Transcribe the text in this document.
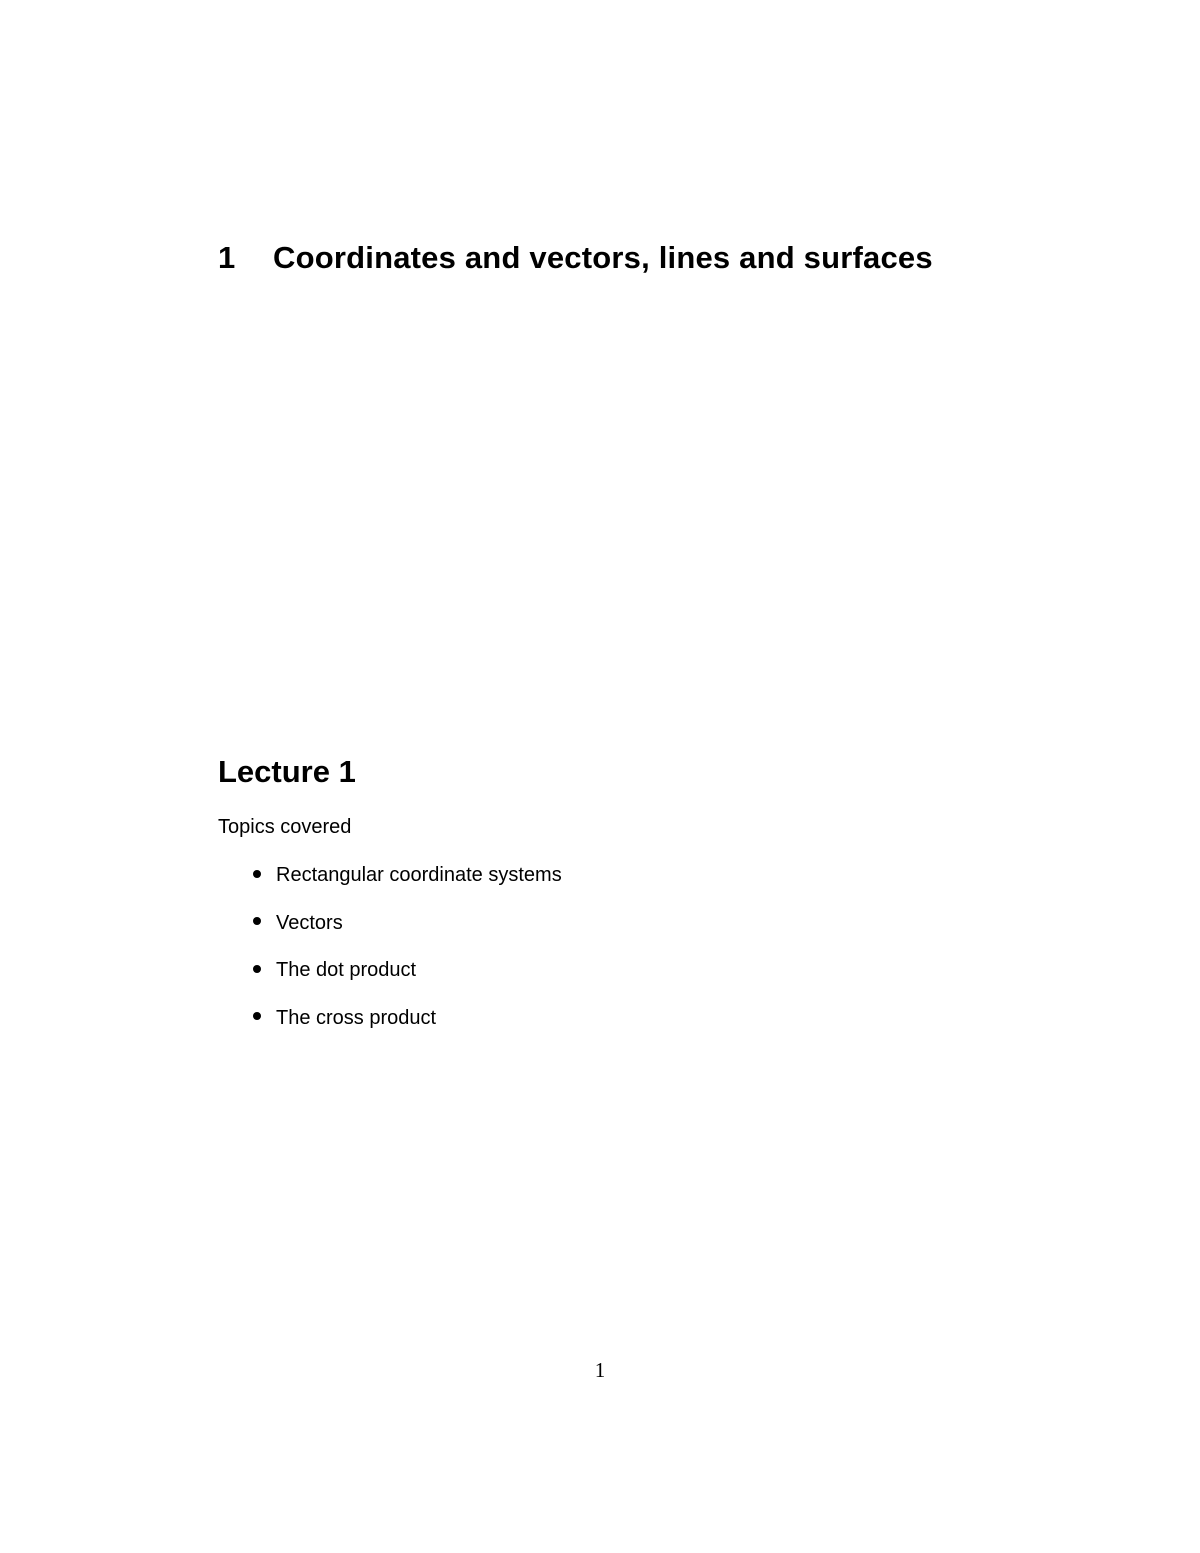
1 Coordinates and vectors, lines and surfaces
Lecture 1

Topics covered

Rectangular coordinate systems
Vectors
The dot product
The cross product

1
